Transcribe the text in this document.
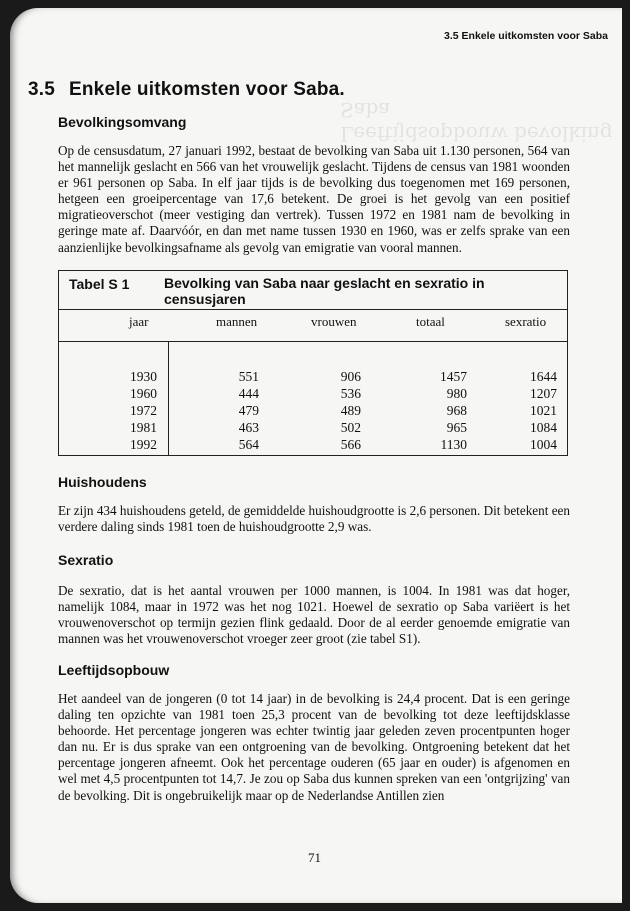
Leeftijdsopbouw bevolking Saba
3.5 Enkele uitkomsten voor Saba
3.5 Enkele uitkomsten voor Saba.
Bevolkingsomvang

Op de censusdatum, 27 januari 1992, bestaat de bevolking van Saba uit 1.130 personen, 564 van het mannelijk geslacht en 566 van het vrouwelijk geslacht. Tijdens de census van 1981 woonden er 961 personen op Saba. In elf jaar tijds is de bevolking dus toegenomen met 169 personen, hetgeen een groeipercentage van 17,6 betekent. De groei is het gevolg van een positief migratieoverschot (meer vestiging dan vertrek). Tussen 1972 en 1981 nam de bevolking in geringe mate af. Daarvóór, en dan met name tussen 1930 en 1960, was er zelfs sprake van een aanzienlijke bevolkingsafname als gevolg van emigratie van vooral mannen.

Tabel S 1 Bevolking van Saba naar geslacht en sexratio in censusjaren
jaar	mannen	vrouwen	totaal	sexratio
1930	551	906	1457	1644
1960	444	536	980	1207
1972	479	489	968	1021
1981	463	502	965	1084
1992	564	566	1130	1004
Huishoudens

Er zijn 434 huishoudens geteld, de gemiddelde huishoudgrootte is 2,6 personen. Dit betekent een verdere daling sinds 1981 toen de huishoudgrootte 2,9 was.

Sexratio

De sexratio, dat is het aantal vrouwen per 1000 mannen, is 1004. In 1981 was dat hoger, namelijk 1084, maar in 1972 was het nog 1021. Hoewel de sexratio op Saba variëert is het vrouwenoverschot op termijn gezien flink gedaald. Door de al eerder genoemde emigratie van mannen was het vrouwenoverschot vroeger zeer groot (zie tabel S1).

Leeftijdsopbouw

Het aandeel van de jongeren (0 tot 14 jaar) in de bevolking is 24,4 procent. Dat is een geringe daling ten opzichte van 1981 toen 25,3 procent van de bevolking tot deze leeftijdsklasse behoorde. Het percentage jongeren was echter twintig jaar geleden zeven procentpunten hoger dan nu. Er is dus sprake van een ontgroening van de bevolking. Ontgroening betekent dat het percentage jongeren afneemt. Ook het percentage ouderen (65 jaar en ouder) is afgenomen en wel met 4,5 procentpunten tot 14,7. Je zou op Saba dus kunnen spreken van een 'ontgrijzing' van de bevolking. Dit is ongebruikelijk maar op de Nederlandse Antillen zien

71
